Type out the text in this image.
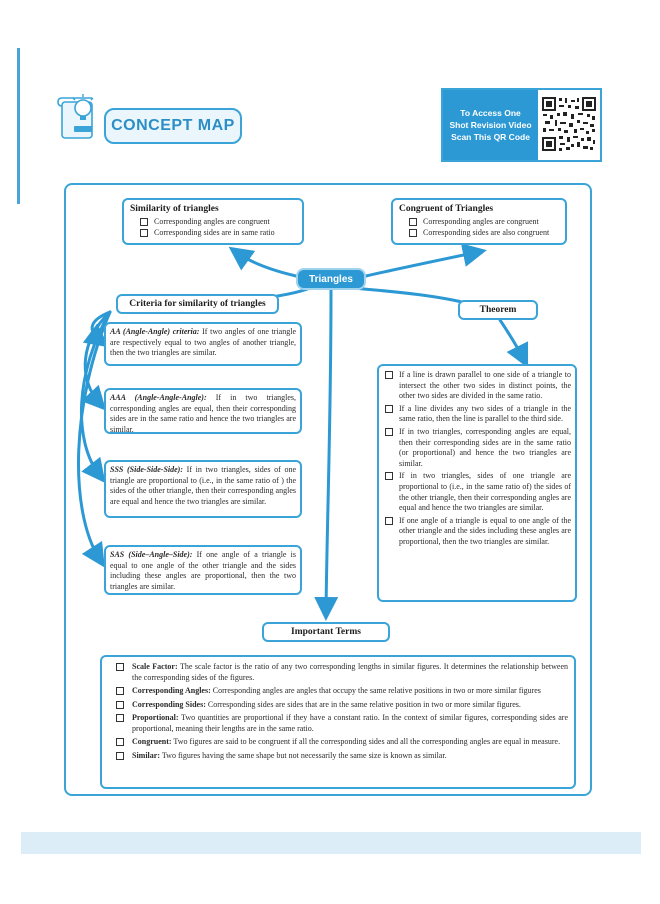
CONCEPT MAP
To Access One
Shot Revision Video
Scan This QR Code
Similarity of triangles
Corresponding angles are congruent
Corresponding sides are in same ratio
Congruent of Triangles
Corresponding angles are congruent
Corresponding sides are also congruent
Triangles
Criteria for similarity of triangles
Theorem
AA (Angle-Angle) criteria: If two angles of one triangle are respectively equal to two angles of another triangle, then the two triangles are similar.
AAA (Angle-Angle-Angle): If in two triangles, corresponding angles are equal, then their corresponding sides are in the same ratio and hence the two triangles are similar.
SSS (Side-Side-Side): If in two triangles, sides of one triangle are proportional to (i.e., in the same ratio of ) the sides of the other triangle, then their corresponding angles are equal and hence the two triangles are similar.
SAS (Side–Angle–Side): If one angle of a triangle is equal to one angle of the other triangle and the sides including these angles are proportional, then the two triangles are similar.
If a line is drawn parallel to one side of a triangle to intersect the other two sides in distinct points, the other two sides are divided in the same ratio.
If a line divides any two sides of a triangle in the same ratio, then the line is parallel to the third side.
If in two triangles, corresponding angles are equal, then their corresponding sides are in the same ratio (or proportional) and hence the two triangles are similar.
If in two triangles, sides of one triangle are proportional to (i.e., in the same ratio of) the sides of the other triangle, then their corresponding angles are equal and hence the two triangles are similar.
If one angle of a triangle is equal to one angle of the other triangle and the sides including these angles are proportional, then the two triangles are similar.
Important Terms
Scale Factor: The scale factor is the ratio of any two corresponding lengths in similar figures. It determines the relationship between the corresponding sides of the figures.
Corresponding Angles: Corresponding angles are angles that occupy the same relative positions in two or more similar figures
Corresponding Sides: Corresponding sides are sides that are in the same relative position in two or more similar figures.
Proportional: Two quantities are proportional if they have a constant ratio. In the context of similar figures, corresponding sides are proportional, meaning their lengths are in the same ratio.
Congruent: Two figures are said to be congruent if all the corresponding sides and all the corresponding angles are equal in measure.
Similar: Two figures having the same shape but not necessarily the same size is known as similar.
